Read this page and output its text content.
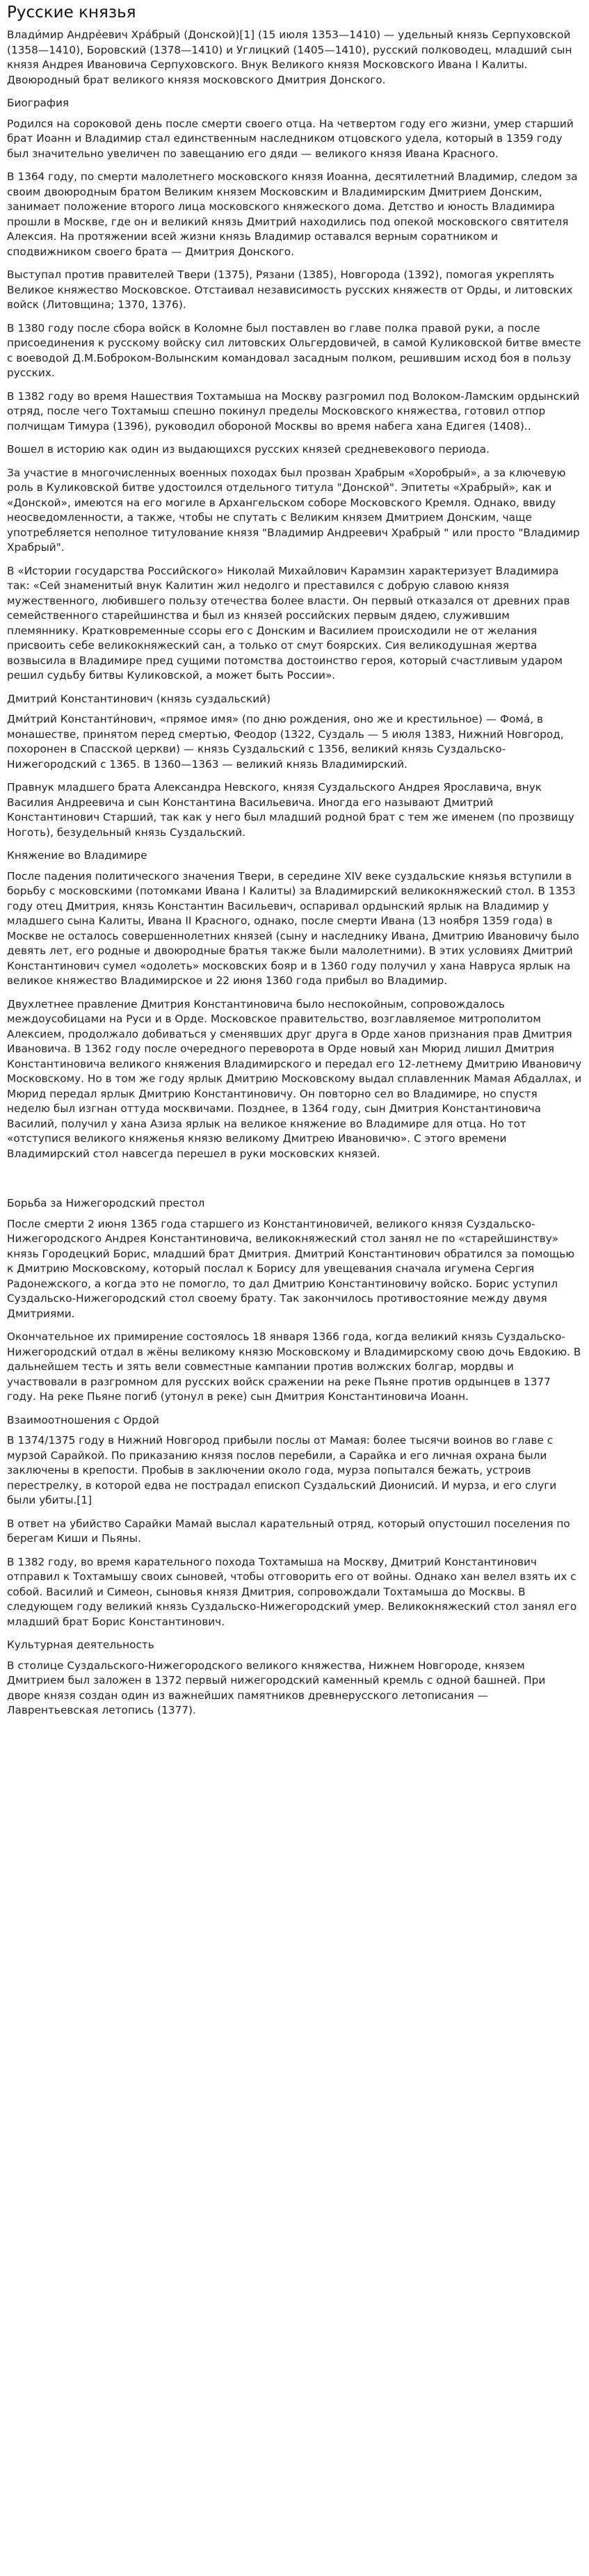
Русские князья

Влади́мир Андре́евич Хра́брый (Донской)[1] (15 июля 1353—1410) — удельный князь Серпуховской (1358—1410), Боровский (1378—1410) и Углицкий (1405—1410), русский полководец, младший сын князя Андрея Ивановича Серпуховского. Внук Великого князя Московского Ивана I Калиты. Двоюродный брат великого князя московского Дмитрия Донского.

Биография

Родился на сороковой день после смерти своего отца. На четвертом году его жизни, умер старший брат Иоанн и Владимир стал единственным наследником отцовского удела, который в 1359 году был значительно увеличен по завещанию его дяди — великого князя Ивана Красного.

В 1364 году, по смерти малолетнего московского князя Иоанна, десятилетний Владимир, следом за своим двоюродным братом Великим князем Московским и Владимирским Дмитрием Донским, занимает положение второго лица московского княжеского дома. Детство и юность Владимира прошли в Москве, где он и великий князь Дмитрий находились под опекой московского святителя Алексия. На протяжении всей жизни князь Владимир оставался верным соратником и сподвижником своего брата — Дмитрия Донского.

Выступал против правителей Твери (1375), Рязани (1385), Новгорода (1392), помогая укреплять Великое княжество Московское. Отстаивал независимость русских княжеств от Орды, и литовских войск (Литовщина; 1370, 1376).

В 1380 году после сбора войск в Коломне был поставлен во главе полка правой руки, а после присоединения к русскому войску сил литовских Ольгердовичей, в самой Куликовской битве вместе с воеводой Д.М.Боброком-Волынским командовал засадным полком, решившим исход боя в пользу русских.

В 1382 году во время Нашествия Тохтамыша на Москву разгромил под Волоком-Ламским ордынский отряд, после чего Тохтамыш спешно покинул пределы Московского княжества, готовил отпор полчищам Тимура (1396), руководил обороной Москвы во время набега хана Едигея (1408)..

Вошел в историю как один из выдающихся русских князей средневекового периода.

За участие в многочисленных военных походах был прозван Храбрым «Хоробрый», а за ключевую роль в Куликовской битве удостоился отдельного титула "Донской". Эпитеты «Храбрый», как и «Донской», имеются на его могиле в Архангельском соборе Московского Кремля. Однако, ввиду неосведомленности, а также, чтобы не спутать с Великим князем Дмитрием Донским, чаще употребляется неполное титулование князя "Владимир Андреевич Храбрый " или просто "Владимир Храбрый".

В «Истории государства Российского» Николай Михайлович Карамзин характеризует Владимира так: «Сей знаменитый внук Калитин жил недолго и преставился с добрую славою князя мужественного, любившего пользу отечества более власти. Он первый отказался от древних прав семейственного старейшинства и был из князей российских первым дядею, служившим племяннику. Кратковременные ссоры его с Донским и Василием происходили не от желания присвоить себе великокняжеский сан, а только от смут боярских. Сия великодушная жертва возвысила в Владимире пред сущими потомства достоинство героя, который счастливым ударом решил судьбу битвы Куликовской, а может быть России».

Дмитрий Константинович (князь суздальский)

Дми́трий Константи́нович, «прямое имя» (по дню рождения, оно же и крестильное) — Фома́, в монашестве, принятом перед смертью, Феодор (1322, Суздаль — 5 июля 1383, Нижний Новгород, похоронен в Спасской церкви) — князь Суздальский с 1356, великий князь Суздальско-Нижегородский с 1365. В 1360—1363 — великий князь Владимирский.

Правнук младшего брата Александра Невского, князя Суздальского Андрея Ярославича, внук Василия Андреевича и сын Константина Васильевича. Иногда его называют Дмитрий Константинович Старший, так как у него был младший родной брат с тем же именем (по прозвищу Ноготь), безудельный князь Суздальский.

Княжение во Владимире

После падения политического значения Твери, в середине XIV веке суздальские князья вступили в борьбу с московскими (потомками Ивана I Калиты) за Владимирский великокняжеский стол. В 1353 году отец Дмитрия, князь Константин Васильевич, оспаривал ордынский ярлык на Владимир у младшего сына Калиты, Ивана II Красного, однако, после смерти Ивана (13 ноября 1359 года) в Москве не осталось совершеннолетних князей (сыну и наследнику Ивана, Дмитрию Ивановичу было девять лет, его родные и двоюродные братья также были малолетними). В этих условиях Дмитрий Константинович сумел «одолеть» московских бояр и в 1360 году получил у хана Навруса ярлык на великое княжество Владимирское и 22 июня 1360 года прибыл во Владимир.

Двухлетнее правление Дмитрия Константиновича было неспокойным, сопровождалось междоусобицами на Руси и в Орде. Московское правительство, возглавляемое митрополитом Алексием, продолжало добиваться у сменявших друг друга в Орде ханов признания прав Дмитрия Ивановича. В 1362 году после очередного переворота в Орде новый хан Мюрид лишил Дмитрия Константиновича великого княжения Владимирского и передал его 12-летнему Дмитрию Ивановичу Московскому. Но в том же году ярлык Дмитрию Московскому выдал сплавленник Мамая Абдаллах, и Мюрид передал ярлык Дмитрию Константиновичу. Он повторно сел во Владимире, но спустя неделю был изгнан оттуда москвичами. Позднее, в 1364 году, сын Дмитрия Константиновича Василий, получил у хана Азиза ярлык на великое княжение во Владимире для отца. Но тот «отступися великого княженья князю великому Дмитрею Ивановичю». С этого времени Владимирский стол навсегда перешел в руки московских князей.

Борьба за Нижегородский престол

После смерти 2 июня 1365 года старшего из Константиновичей, великого князя Суздальско-Нижегородского Андрея Константиновича, великокняжеский стол занял не по «старейшинству» князь Городецкий Борис, младший брат Дмитрия. Дмитрий Константинович обратился за помощью к Дмитрию Московскому, который послал к Борису для увещевания сначала игумена Сергия Радонежского, а когда это не помогло, то дал Дмитрию Константиновичу войско. Борис уступил Суздальско-Нижегородский стол своему брату. Так закончилось противостояние между двумя Дмитриями.

Окончательное их примирение состоялось 18 января 1366 года, когда великий князь Суздальско-Нижегородский отдал в жёны великому князю Московскому и Владимирскому свою дочь Евдокию. В дальнейшем тесть и зять вели совместные кампании против волжских болгар, мордвы и участвовали в разгромном для русских войск сражении на реке Пьяне против ордынцев в 1377 году. На реке Пьяне погиб (утонул в реке) сын Дмитрия Константиновича Иоанн.

Взаимоотношения с Ордой

В 1374/1375 году в Нижний Новгород прибыли послы от Мамая: более тысячи воинов во главе с мурзой Сарайкой. По приказанию князя послов перебили, а Сарайка и его личная охрана были заключены в крепости. Пробыв в заключении около года, мурза попытался бежать, устроив перестрелку, в которой едва не пострадал епископ Суздальский Дионисий. И мурза, и его слуги были убиты.[1]

В ответ на убийство Сарайки Мамай выслал карательный отряд, который опустошил поселения по берегам Киши и Пьяны.

В 1382 году, во время карательного похода Тохтамыша на Москву, Дмитрий Константинович отправил к Тохтамышу своих сыновей, чтобы отговорить его от войны. Однако хан велел взять их с собой. Василий и Симеон, сыновья князя Дмитрия, сопровождали Тохтамыша до Москвы. В следующем году великий князь Суздальско-Нижегородский умер. Великокняжеский стол занял его младший брат Борис Константинович.

Культурная деятельность

В столице Суздальского-Нижегородского великого княжества, Нижнем Новгороде, князем Дмитрием был заложен в 1372 первый нижегородский каменный кремль с одной башней. При дворе князя создан один из важнейших памятников древнерусского летописания — Лаврентьевская летопись (1377).
